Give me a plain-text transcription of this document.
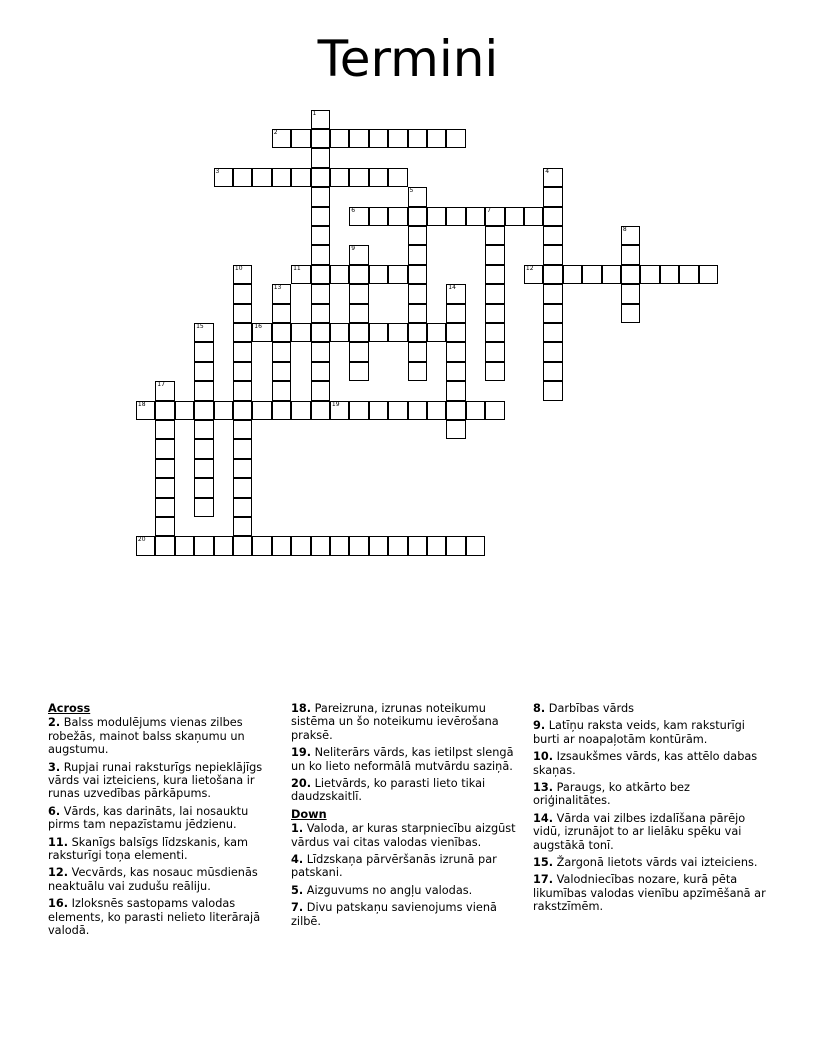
Termini
1
2
3	4
5
6	7
8
9
10	11	12
13	14
15	16
17
18	19
20
Across
2. Balss modulējums vienas zilbes robežās, mainot balss skaņumu un augstumu.
3. Rupjai runai raksturīgs nepieklājīgs vārds vai izteiciens, kura lietošana ir runas uzvedības pārkāpums.
6. Vārds, kas darināts, lai nosauktu pirms tam nepazīstamu jēdzienu.
11. Skanīgs balsīgs līdzskanis, kam raksturīgi toņa elementi.
12. Vecvārds, kas nosauc mūsdienās neaktuālu vai zudušu reāliju.
16. Izloksnēs sastopams valodas elements, ko parasti nelieto literārajā valodā.
18. Pareizruna, izrunas noteikumu sistēma un šo noteikumu ievērošana praksē.
19. Neliterārs vārds, kas ietilpst slengā un ko lieto neformālā mutvārdu saziņā.
20. Lietvārds, ko parasti lieto tikai daudzskaitlī.
Down
1. Valoda, ar kuras starpniecību aizgūst vārdus vai citas valodas vienības.
4. Līdzskaņa pārvēršanās izrunā par patskani.
5. Aizguvums no angļu valodas.
7. Divu patskaņu savienojums vienā zilbē.
8. Darbības vārds
9. Latīņu raksta veids, kam raksturīgi burti ar noapaļotām kontūrām.
10. Izsaukšmes vārds, kas attēlo dabas skaņas.
13. Paraugs, ko atkārto bez oriģinalitātes.
14. Vārda vai zilbes izdalīšana pārējo vidū, izrunājot to ar lielāku spēku vai augstākā tonī.
15. Žargonā lietots vārds vai izteiciens.
17. Valodniecības nozare, kurā pēta likumības valodas vienību apzīmēšanā ar rakstzīmēm.
